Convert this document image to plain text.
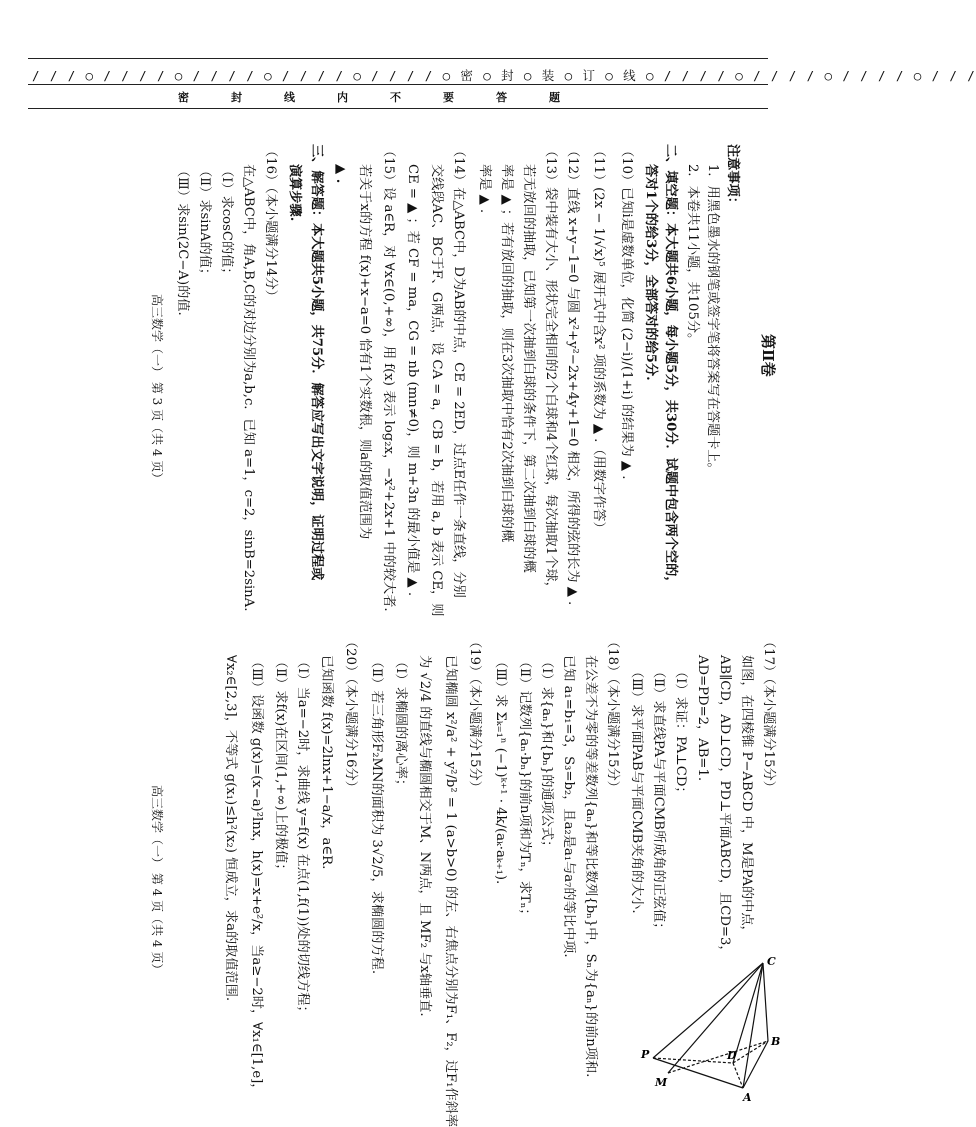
/ / / ○ / / / / ○ / / / / ○ / / / / ○ / / / / ○ 密 ○ 封 ○ 装 ○ 订 ○ 线 ○ / / / / ○ / / / / ○ / / / / ○ / / /
密封线内不要答题
第Ⅱ卷
注意事项：
1．用黑色墨水的钢笔或签字笔将答案写在答题卡上。
2．本卷共11小题，共105分。
二、填空题：本大题共6小题，每小题5分，共30分．试题中包含两个空的，
答对1个的给3分，全部答对的给5分.
（10）已知i是虚数单位，化简 (2−i)/(1+i) 的结果为 ▲ .
（11）(2x − 1/√x)⁵ 展开式中含x² 项的系数为 ▲ .（用数字作答）
（12）直线 x+y−1=0 与圆 x²+y²−2x+4y+1=0 相交，所得的弦的长为 ▲ .
（13）袋中装有大小、形状完全相同的2个白球和4个红球，每次抽取1个球，
若无放回的抽取，已知第一次抽到白球的条件下，第二次抽到白球的概
率是 ▲ ；若有放回的抽取，则在3次抽取中恰有2次抽到白球的概
率是 ▲ .
（14）在△ABC中，D为AB的中点，CE = 2ED，过点E任作一条直线，分别
交线段AC、BC于F、G两点，设 CA = a，CB = b，若用 a, b 表示 CE，则
CE = ▲ ；若 CF = ma，CG = nb (mn≠0)，则 m+3n 的最小值是 ▲ .
（15）设 a∈R，对 ∀x∈(0,+∞)，用 f(x) 表示 log₂x，−x²+2x+1 中的较大者.
若关于x的方程 f(x)+x−a=0 恰有1个实数根，则a的取值范围为
▲ .
三、解答题：本大题共5小题，共75分．解答应写出文字说明，证明过程或
演算步骤.
（16）（本小题满分14分）
在△ABC中，角A,B,C的对边分别为a,b,c．已知 a=1，c=2，sinB=2sinA.
（Ⅰ）求cosC的值；
（Ⅱ）求sinA的值；
（Ⅲ）求sin(2C−A)的值.
高三数学（一） 第 3 页（共 4 页）
P
M
A
B
C
D
（17）（本小题满分15分）
如图，在四棱锥 P−ABCD 中，M是PA的中点，
AB∥CD，AD⊥CD，PD⊥平面ABCD，且CD=3，
AD=PD=2，AB=1.
（Ⅰ）求证：PA⊥CD；
（Ⅱ）求直线PA与平面CMB所成角的正弦值；
（Ⅲ）求平面PAB与平面CMB夹角的大小.
（18）（本小题满分15分）
在公差不为零的等差数列{aₙ}和等比数列{bₙ}中，Sₙ为{aₙ}的前n项和.
已知 a₁=b₁=3，S₃=b₂，且a₂是a₁与a₇的等比中项.
（Ⅰ）求{aₙ}和{bₙ}的通项公式；
（Ⅱ）记数列{aₙ·bₙ}的前n项和为Tₙ，求Tₙ；
（Ⅲ）求 Σₖ₌₁ⁿ (−1)ᵏ⁺¹ · 4k/(aₖ·aₖ₊₁).
（19）（本小题满分15分）
已知椭圆 x²/a² + y²/b² = 1 (a>b>0) 的左、右焦点分别为F₁、F₂，过F₁作斜率
为 √2/4 的直线与椭圆相交于M、N两点，且 MF₂ 与x轴垂直.
（Ⅰ）求椭圆的离心率；
（Ⅱ）若三角形F₂MN的面积为 3√2/5，求椭圆的方程.
（20）（本小题满分16分）
已知函数 f(x)=2lnx+1−a/x，a∈R.
（Ⅰ）当a=−2时，求曲线 y=f(x) 在点(1,f(1))处的切线方程；
（Ⅱ）求f(x)在区间(1,+∞)上的极值；
（Ⅲ）设函数 g(x)=(x−a)²lnx，h(x)=x+e²/x，当a≥−2时，∀x₁∈[1,e]，
∀x₂∈[2,3]，不等式 g(x₁)≤h²(x₂) 恒成立，求a的取值范围.
高三数学（一） 第 4 页（共 4 页）
